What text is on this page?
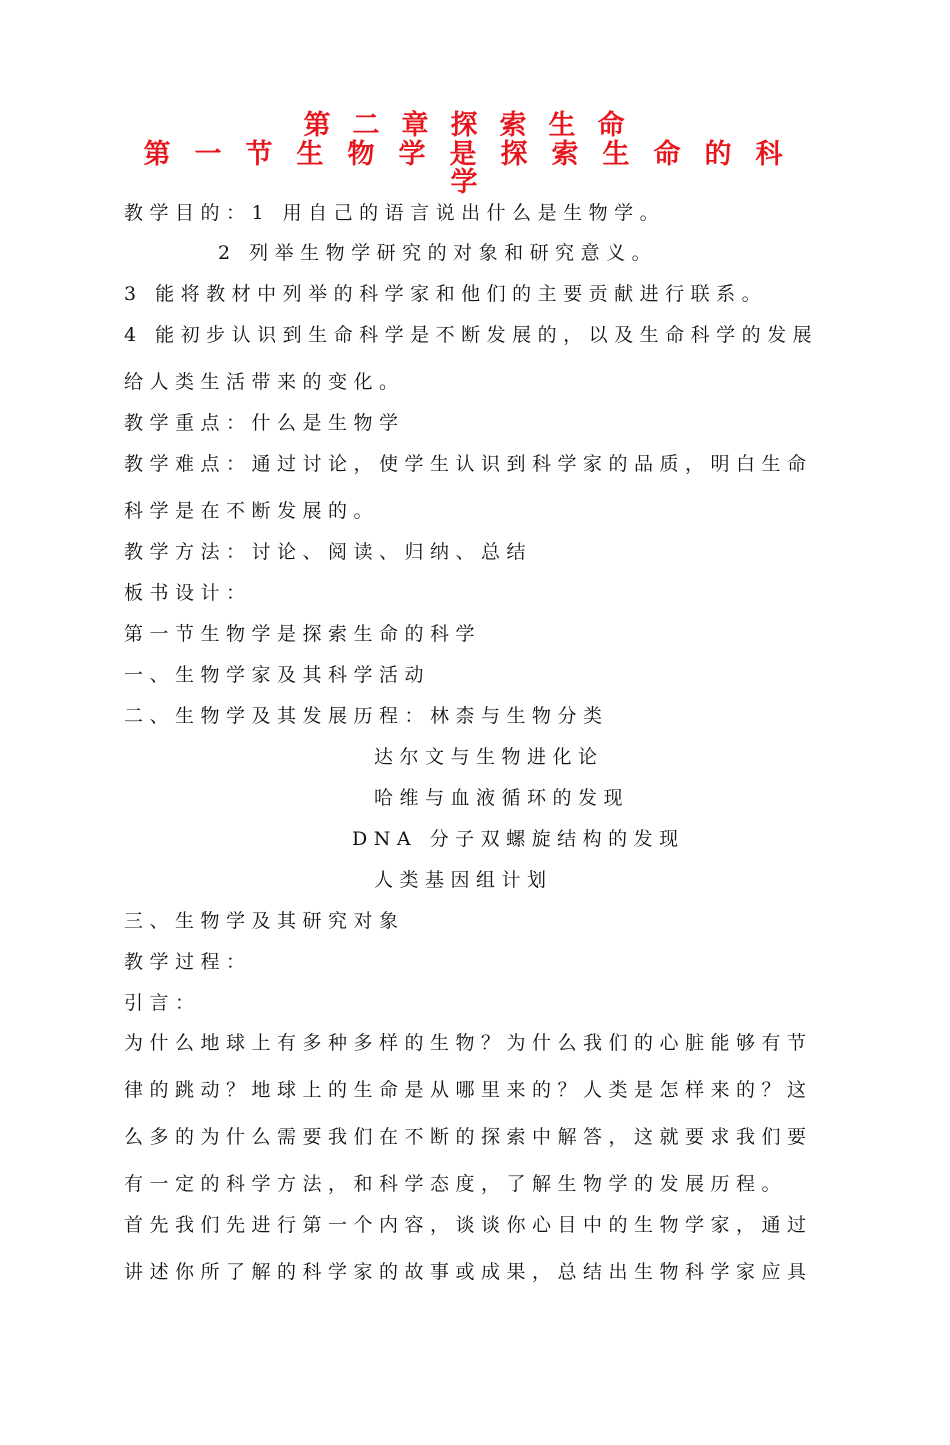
第二章探索生命
第一节生物学是探索生命的科
学
教学目的：1 用自己的语言说出什么是生物学。
2 列举生物学研究的对象和研究意义。
3 能将教材中列举的科学家和他们的主要贡献进行联系。
4 能初步认识到生命科学是不断发展的，以及生命科学的发展
给人类生活带来的变化。
教学重点：什么是生物学
教学难点：通过讨论，使学生认识到科学家的品质，明白生命
科学是在不断发展的。
教学方法：讨论、阅读、归纳、总结
板书设计：
第一节生物学是探索生命的科学
一、生物学家及其科学活动
二、生物学及其发展历程：林柰与生物分类
达尔文与生物进化论
哈维与血液循环的发现
DNA 分子双螺旋结构的发现
人类基因组计划
三、生物学及其研究对象
教学过程：
引言：
为什么地球上有多种多样的生物？为什么我们的心脏能够有节
律的跳动？地球上的生命是从哪里来的？人类是怎样来的？这
么多的为什么需要我们在不断的探索中解答，这就要求我们要
有一定的科学方法，和科学态度，了解生物学的发展历程。
首先我们先进行第一个内容，谈谈你心目中的生物学家，通过
讲述你所了解的科学家的故事或成果，总结出生物科学家应具
